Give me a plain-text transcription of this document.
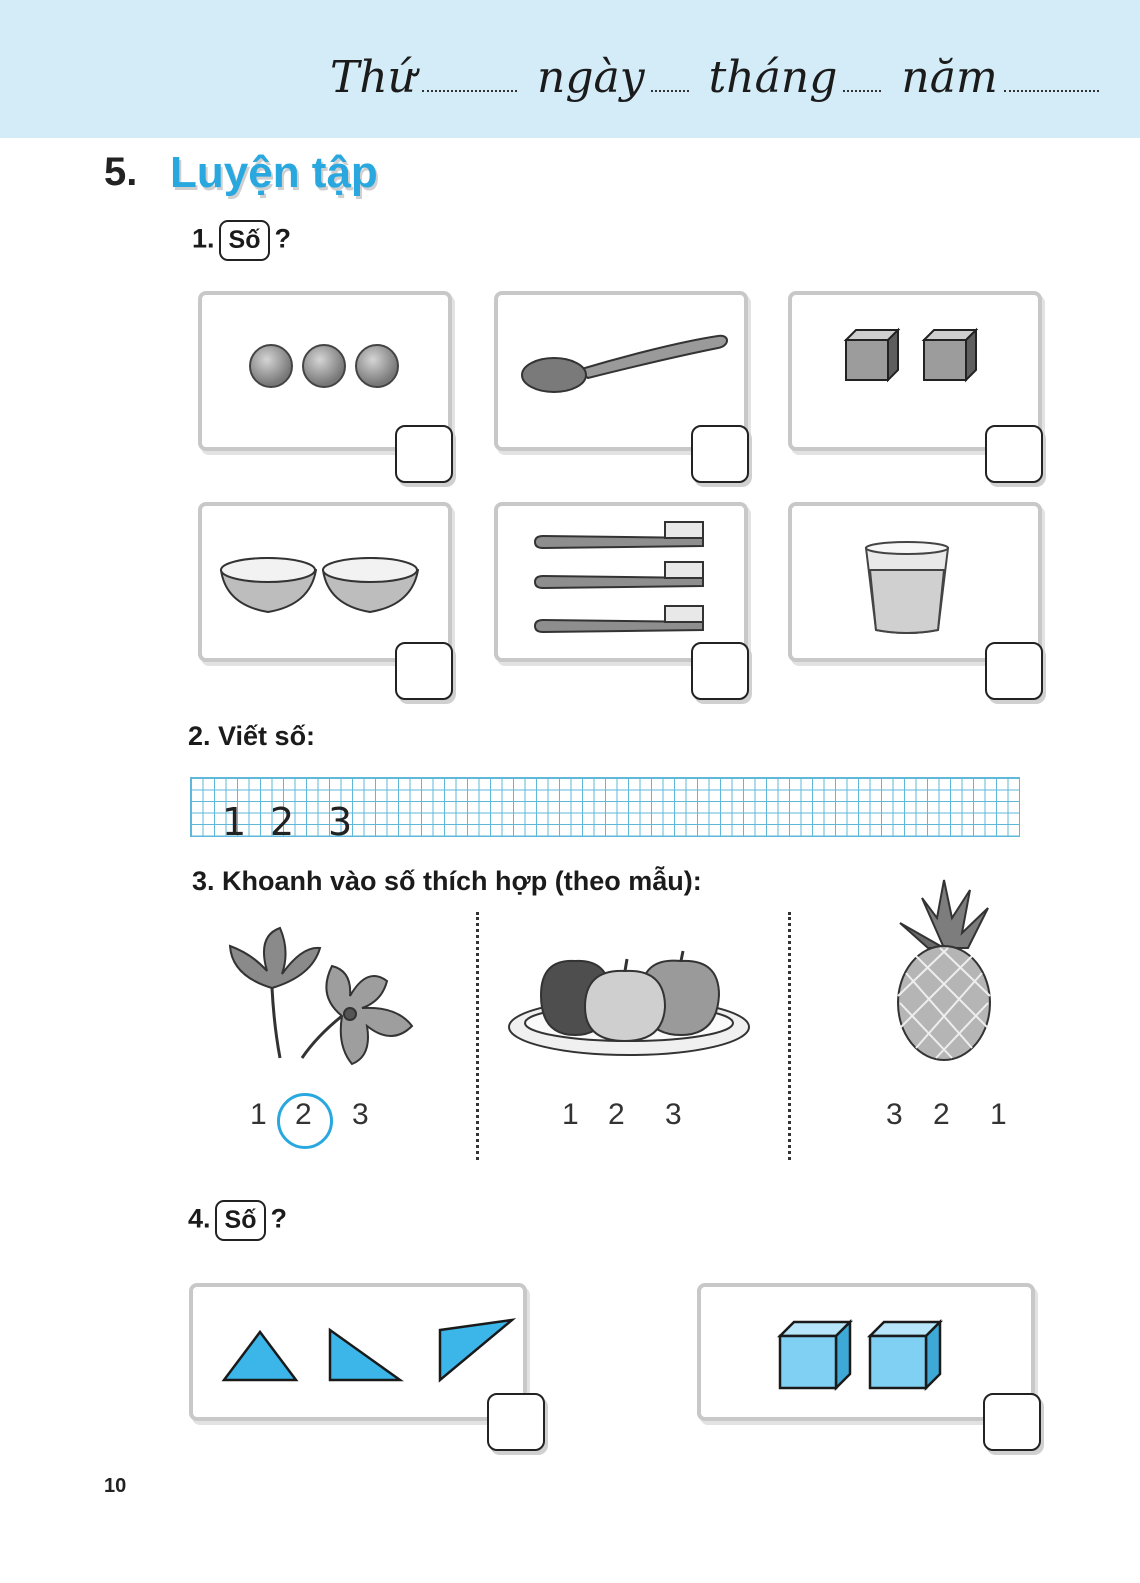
Thứ	ngày tháng năm
5. Luyện tập
1. Số ?
2. Viết số:
1 2 3
3. Khoanh vào số thích hợp (theo mẫu):
1 2 3	1 2 3	3 2 1
4. Số ?
10
